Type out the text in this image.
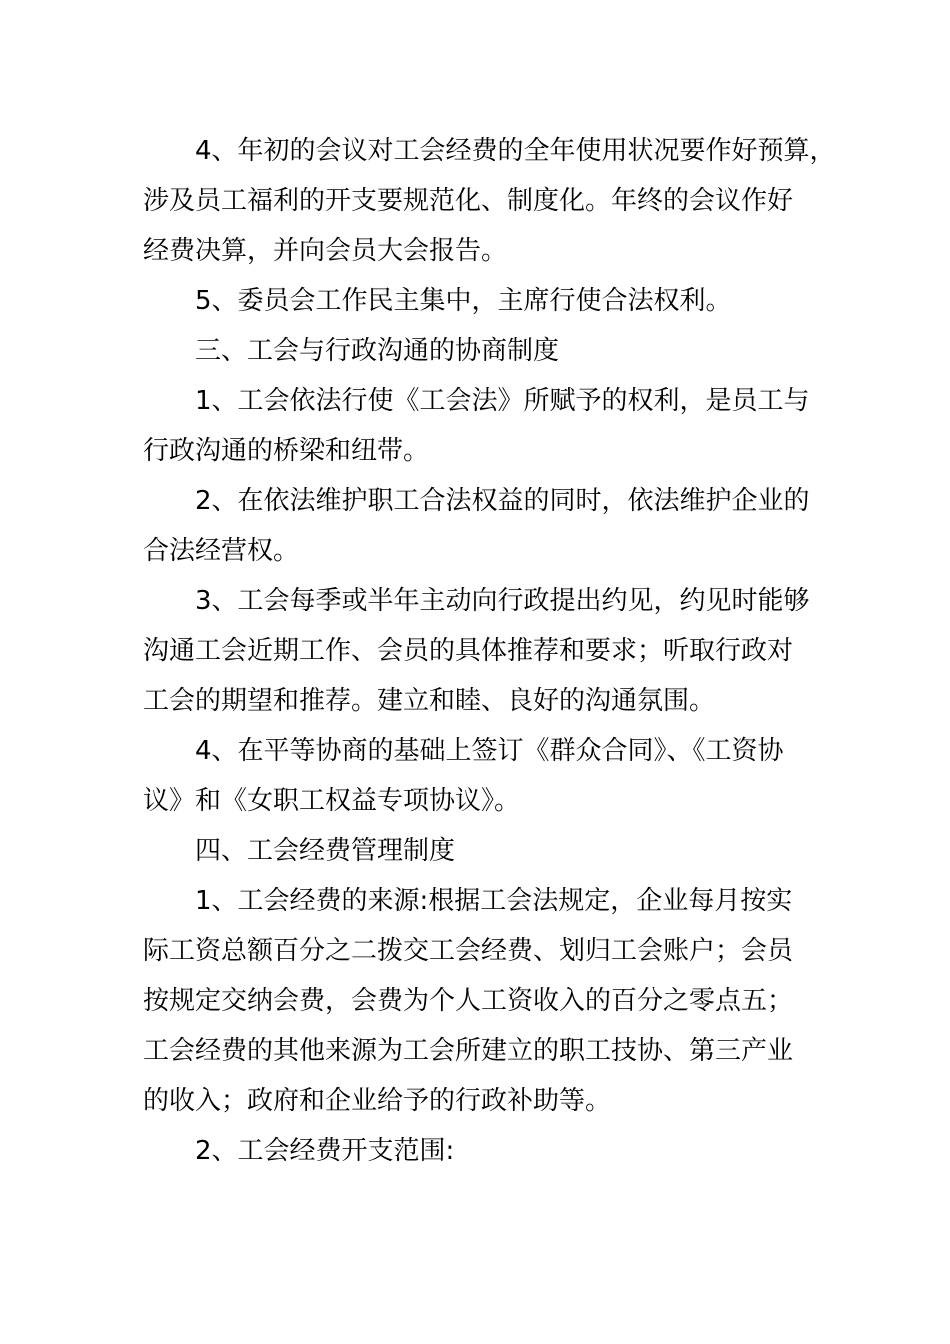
4、年初的会议对工会经费的全年使用状况要作好预算，
涉及员工福利的开支要规范化、制度化。年终的会议作好
经费决算，并向会员大会报告。
5、委员会工作民主集中，主席行使合法权利。
三、工会与行政沟通的协商制度
1、工会依法行使《工会法》所赋予的权利，是员工与
行政沟通的桥梁和纽带。
2、在依法维护职工合法权益的同时，依法维护企业的
合法经营权。
3、工会每季或半年主动向行政提出约见，约见时能够
沟通工会近期工作、会员的具体推荐和要求；听取行政对
工会的期望和推荐。建立和睦、良好的沟通氛围。
4、在平等协商的基础上签订《群众合同》、《工资协
议》和《女职工权益专项协议》。
四、工会经费管理制度
1、工会经费的来源:根据工会法规定，企业每月按实
际工资总额百分之二拨交工会经费、划归工会账户；会员
按规定交纳会费，会费为个人工资收入的百分之零点五；
工会经费的其他来源为工会所建立的职工技协、第三产业
的收入；政府和企业给予的行政补助等。
2、工会经费开支范围:
